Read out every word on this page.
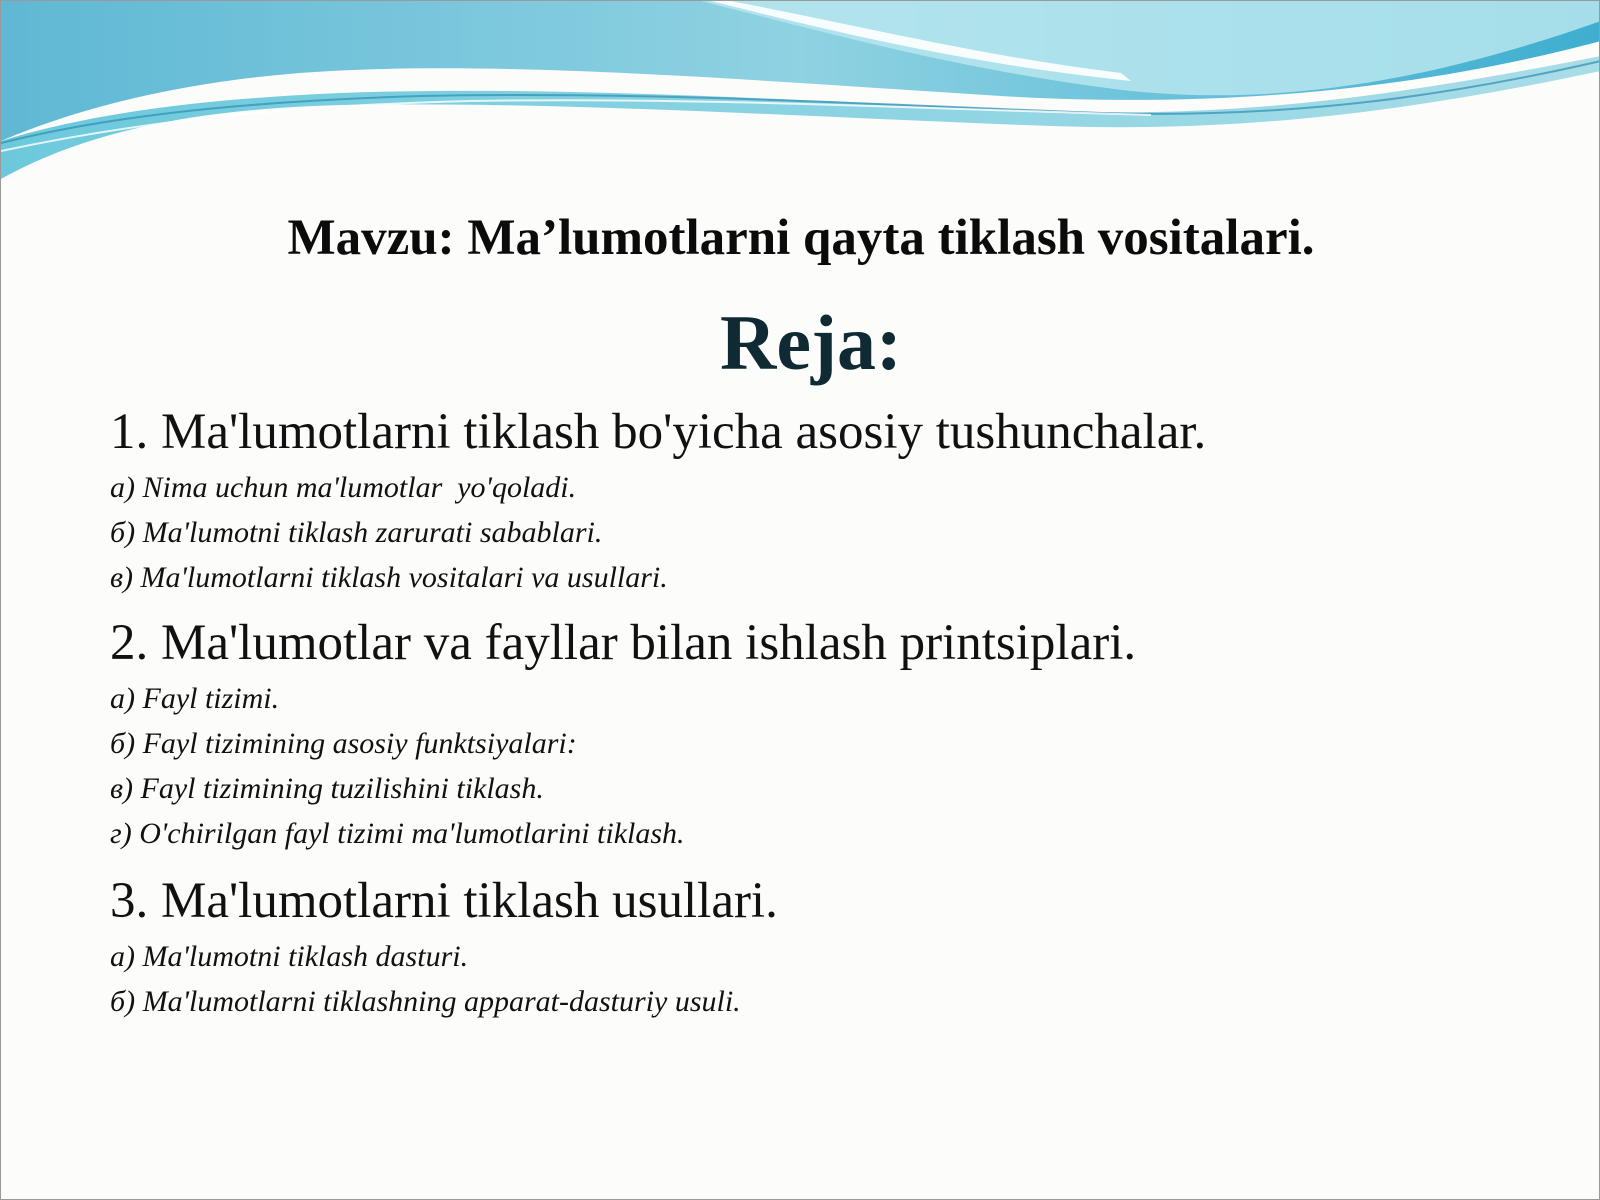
Mavzu: Ma’lumotlarni qayta tiklash vositalari.
Reja:

1. Ma'lumotlarni tiklash bo'yicha asosiy tushunchalar.

а) Nima uchun ma'lumotlar  yo'qoladi.

б) Ma'lumotni tiklash zarurati sabablari.

в) Ma'lumotlarni tiklash vositalari va usullari.

2. Ma'lumotlar va fayllar bilan ishlash printsiplari.

а) Fayl tizimi.

б) Fayl tizimining asosiy funktsiyalari:

в) Fayl tizimining tuzilishini tiklash.

г) O'chirilgan fayl tizimi ma'lumotlarini tiklash.

3. Ma'lumotlarni tiklash usullari.

а) Ma'lumotni tiklash dasturi.

б) Ma'lumotlarni tiklashning apparat-dasturiy usuli.
